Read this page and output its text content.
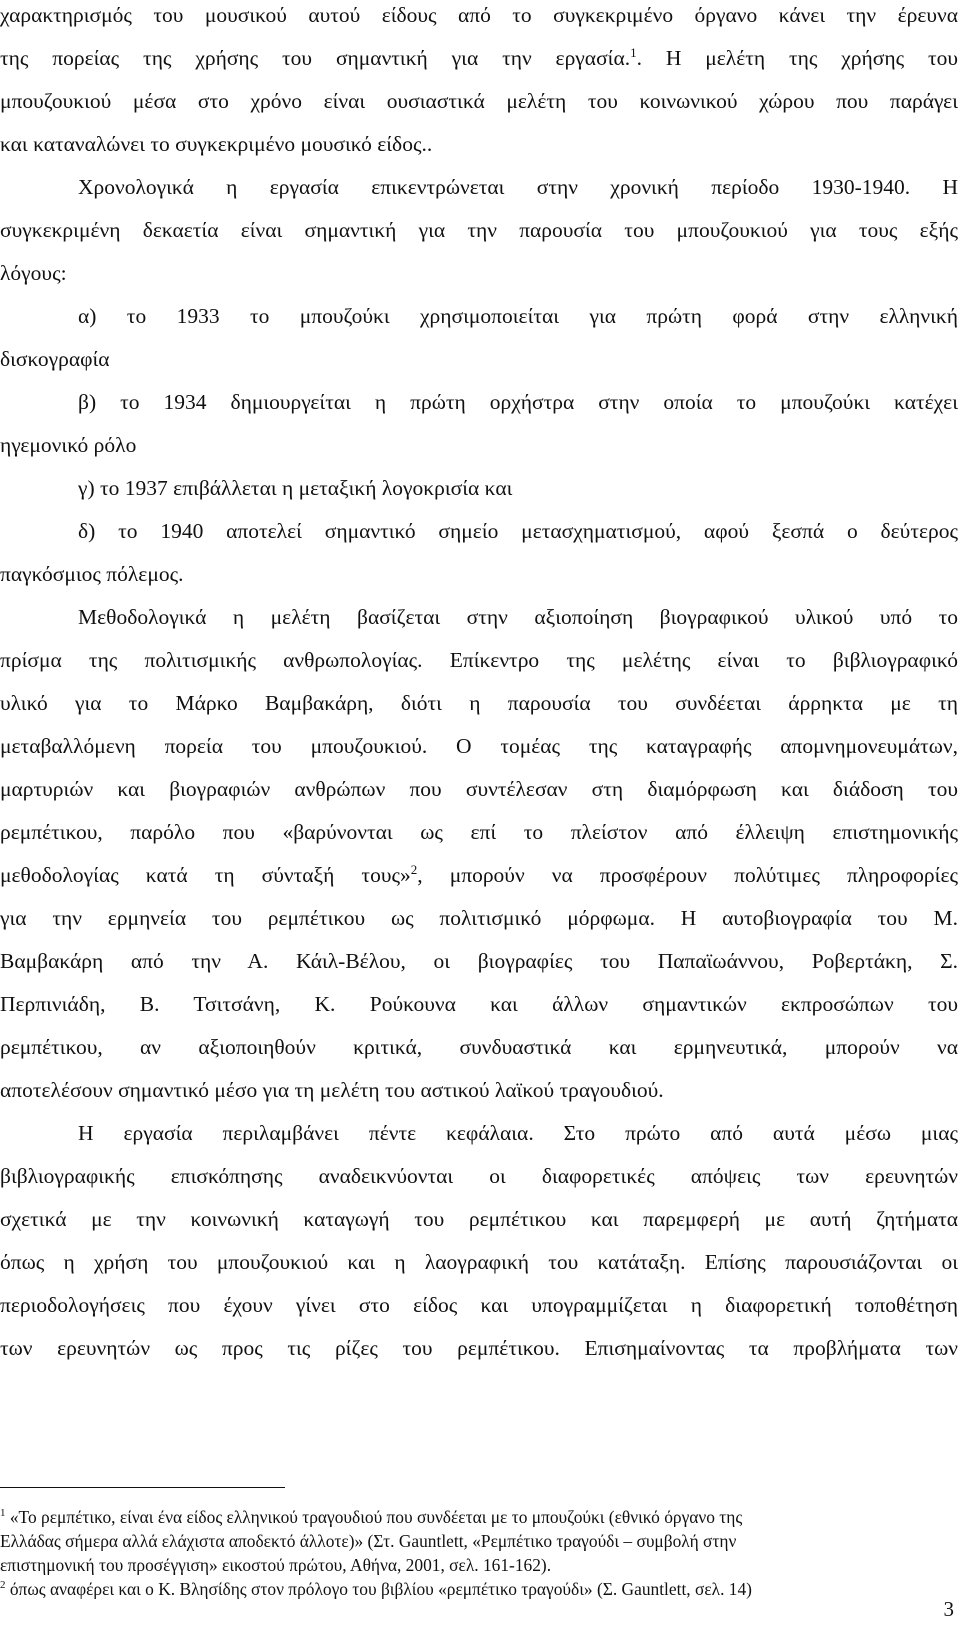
χαρακτηρισμός του μουσικού αυτού είδους από το συγκεκριμένο όργανο κάνει την έρευνα
της πορείας της χρήσης του σημαντική για την εργασία.$^1$. Η μελέτη της χρήσης του
μπουζουκιού μέσα στο χρόνο είναι ουσιαστικά μελέτη του κοινωνικού χώρου που παράγει
και καταναλώνει το συγκεκριμένο μουσικό είδος..
Χρονολογικά η εργασία επικεντρώνεται στην χρονική περίοδο 1930-1940. Η
συγκεκριμένη δεκαετία είναι σημαντική για την παρουσία του μπουζουκιού για τους εξής
λόγους:
α) το 1933 το μπουζούκι χρησιμοποιείται για πρώτη φορά στην ελληνική
δισκογραφία
β) το 1934 δημιουργείται η πρώτη ορχήστρα στην οποία το μπουζούκι κατέχει
ηγεμονικό ρόλο
γ) το 1937 επιβάλλεται η μεταξική λογοκρισία και
δ) το 1940 αποτελεί σημαντικό σημείο μετασχηματισμού, αφού ξεσπά ο δεύτερος
παγκόσμιος πόλεμος.
Μεθοδολογικά η μελέτη βασίζεται στην αξιοποίηση βιογραφικού υλικού υπό το
πρίσμα της πολιτισμικής ανθρωπολογίας. Επίκεντρο της μελέτης είναι το βιβλιογραφικό
υλικό για το Μάρκο Βαμβακάρη, διότι η παρουσία του συνδέεται άρρηκτα με τη
μεταβαλλόμενη πορεία του μπουζουκιού. Ο τομέας της καταγραφής απομνημονευμάτων,
μαρτυριών και βιογραφιών ανθρώπων που συντέλεσαν στη διαμόρφωση και διάδοση του
ρεμπέτικου, παρόλο που «βαρύνονται ως επί το πλείστον από έλλειψη επιστημονικής
μεθοδολογίας κατά τη σύνταξή τους»$^2$, μπορούν να προσφέρουν πολύτιμες πληροφορίες
για την ερμηνεία του ρεμπέτικου ως πολιτισμικό μόρφωμα. Η αυτοβιογραφία του Μ.
Βαμβακάρη από την Α. Κάιλ-Βέλου, οι βιογραφίες του Παπαϊωάννου, Ροβερτάκη, Σ.
Περπινιάδη, Β. Τσιτσάνη, Κ. Ρούκουνα και άλλων σημαντικών εκπροσώπων του
ρεμπέτικου, αν αξιοποιηθούν κριτικά, συνδυαστικά και ερμηνευτικά, μπορούν να
αποτελέσουν σημαντικό μέσο για τη μελέτη του αστικού λαϊκού τραγουδιού.
Η εργασία περιλαμβάνει πέντε κεφάλαια. Στο πρώτο από αυτά μέσω μιας
βιβλιογραφικής επισκόπησης αναδεικνύονται οι διαφορετικές απόψεις των ερευνητών
σχετικά με την κοινωνική καταγωγή του ρεμπέτικου και παρεμφερή με αυτή ζητήματα
όπως η χρήση του μπουζουκιού και η λαογραφική του κατάταξη. Επίσης παρουσιάζονται οι
περιοδολογήσεις που έχουν γίνει στο είδος και υπογραμμίζεται η διαφορετική τοποθέτηση
των ερευνητών ως προς τις ρίζες του ρεμπέτικου. Επισημαίνοντας τα προβλήματα των
$^1$ «Το ρεμπέτικο, είναι ένα είδος ελληνικού τραγουδιού που συνδέεται με το μπουζούκι (εθνικό όργανο της
Ελλάδας σήμερα αλλά ελάχιστα αποδεκτό άλλοτε)» (Στ. Gauntlett, «Ρεμπέτικο τραγούδι – συμβολή στην
επιστημονική του προσέγγιση» εικοστού πρώτου, Αθήνα, 2001, σελ. 161-162).
$^2$ όπως αναφέρει και ο Κ. Βλησίδης στον πρόλογο του βιβλίου «ρεμπέτικο τραγούδι» (Σ. Gauntlett, σελ. 14)
3
